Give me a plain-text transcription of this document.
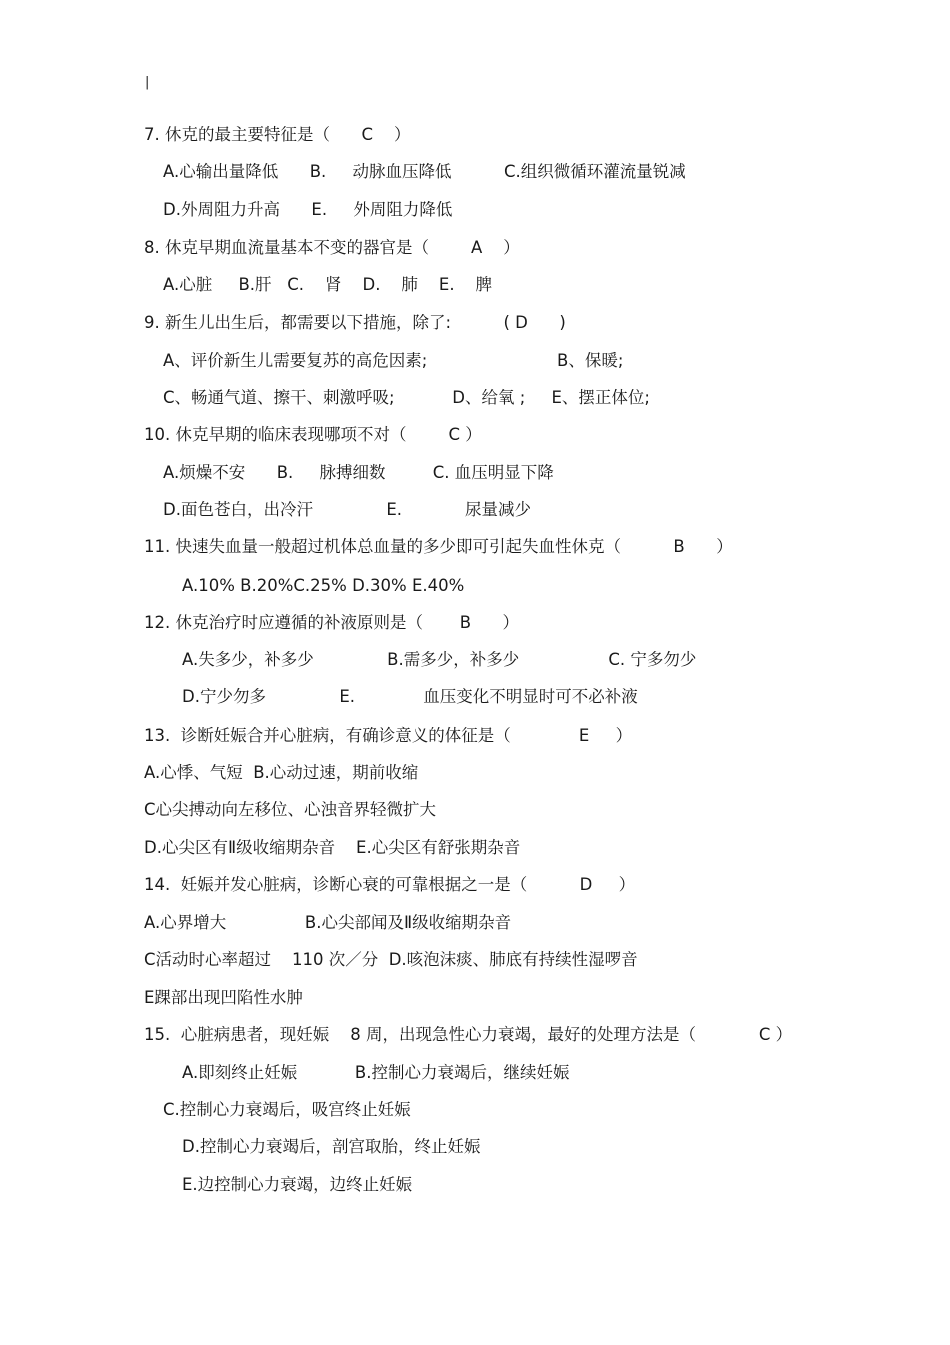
|
7. 休克的最主要特征是（      C    ）
A.心输出量降低      B.     动脉血压降低          C.组织微循环灌流量锐减
D.外周阻力升高      E.     外周阻力降低
8. 休克早期血流量基本不变的器官是（        A    ）
A.心脏     B.肝   C.    肾    D.    肺    E.    脾
9. 新生儿出生后，都需要以下措施，除了:          ( D      )
A、评价新生儿需要复苏的高危因素;	B、保暖;
C、畅通气道、擦干、刺激呼吸;           D、给氧 ;     E、摆正体位;
10. 休克早期的临床表现哪项不对（        C ）
A.烦燥不安      B.     脉搏细数         C. 血压明显下降
D.面色苍白，出冷汗              E.            尿量减少
11. 快速失血量一般超过机体总血量的多少即可引起失血性休克（          B      ）
A.10% B.20%C.25% D.30% E.40%
12. 休克治疗时应遵循的补液原则是（       B      ）
A.失多少，补多少              B.需多少，补多少                 C. 宁多勿少
D.宁少勿多              E.             血压变化不明显时可不必补液
13.  诊断妊娠合并心脏病，有确诊意义的体征是（             E     ）
A.心悸、气短  B.心动过速，期前收缩
C心尖搏动向左移位、心浊音界轻微扩大
D.心尖区有Ⅱ级收缩期杂音    E.心尖区有舒张期杂音
14.  妊娠并发心脏病，诊断心衰的可靠根据之一是（          D     ）
A.心界增大               B.心尖部闻及Ⅱ级收缩期杂音
C活动时心率超过    110 次／分  D.咳泡沫痰、肺底有持续性湿啰音
E踝部出现凹陷性水肿
15.  心脏病患者，现妊娠    8 周，出现急性心力衰竭，最好的处理方法是（            C ）
A.即刻终止妊娠           B.控制心力衰竭后，继续妊娠
C.控制心力衰竭后，吸宫终止妊娠
D.控制心力衰竭后，剖宫取胎，终止妊娠
E.边控制心力衰竭，边终止妊娠
